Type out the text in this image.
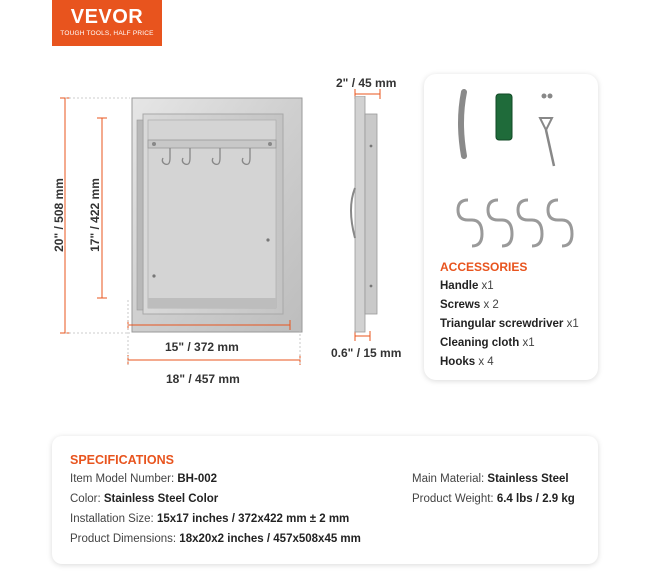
VEVOR
TOUGH TOOLS, HALF PRICE
2" / 45 mm
0.6" / 15 mm
15" / 372 mm
18" / 457 mm
20" / 508 mm 17" / 422 mm
ACCESSORIES
Handle x1
Screws x 2
Triangular screwdriver x1
Cleaning cloth x1
Hooks x 4
SPECIFICATIONS
Item Model Number: BH-002
Color: Stainless Steel Color
Installation Size: 15x17 inches / 372x422 mm ± 2 mm
Product Dimensions: 18x20x2 inches / 457x508x45 mm
Main Material: Stainless Steel
Product Weight: 6.4 lbs / 2.9 kg
